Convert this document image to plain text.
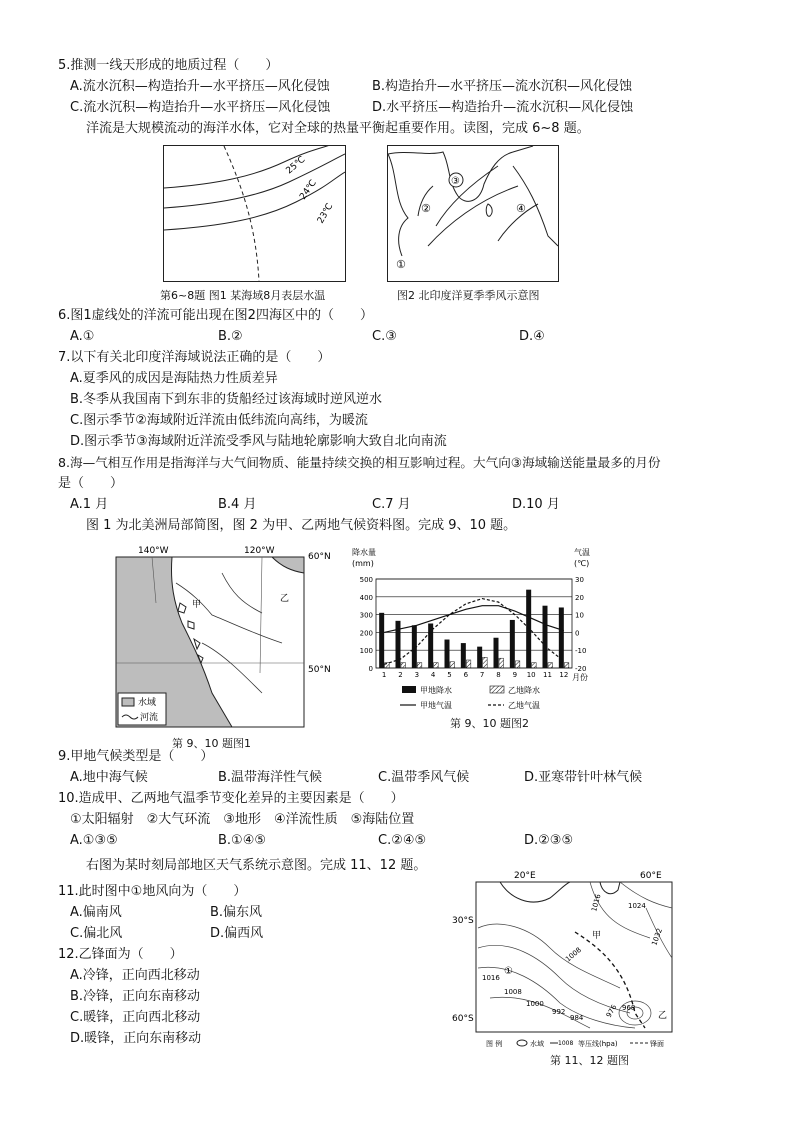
5.推测一线天形成的地质过程（　　）
A.流水沉积—构造抬升—水平挤压—风化侵蚀	B.构造抬升—水平挤压—流水沉积—风化侵蚀
C.流水沉积—构造抬升—水平挤压—风化侵蚀	D.水平挤压—构造抬升—流水沉积—风化侵蚀
洋流是大规模流动的海洋水体，它对全球的热量平衡起重要作用。读图，完成 6~8 题。
25℃
24℃
23℃
第6~8题 图1 某海域8月表层水温
③
②	④
①
图2 北印度洋夏季季风示意图
6.图1虚线处的洋流可能出现在图2四海区中的（　　）
A.①	B.②	C.③	D.④
7.以下有关北印度洋海域说法正确的是（　　）
A.夏季风的成因是海陆热力性质差异
B.冬季从我国南下到东非的货船经过该海域时逆风逆水
C.图示季节②海域附近洋流由低纬流向高纬，为暖流
D.图示季节③海域附近洋流受季风与陆地轮廓影响大致自北向南流
8.海—气相互作用是指海洋与大气间物质、能量持续交换的相互影响过程。大气向③海域输送能量最多的月份
是（　　）
A.1 月	B.4 月	C.7 月	D.10 月
图 1 为北美洲局部简图，图 2 为甲、乙两地气候资料图。完成 9、10 题。
140°W	120°W
60°N
50°N
甲
乙
水域
河流
第 9、10 题图1
降水量
(mm)
气温
(℃)
月份
500
400
300
200
100
0
30
20
10
0
-10
-20
1 2 3 4 5 6 7 8 9 10 11 12
甲地降水	乙地降水
甲地气温	乙地气温
第 9、10 题图2
9.甲地气候类型是（　　）
A.地中海气候	B.温带海洋性气候	C.温带季风气候	D.亚寒带针叶林气候
10.造成甲、乙两地气温季节变化差异的主要因素是（　　）
①太阳辐射　②大气环流　③地形　④洋流性质　⑤海陆位置
A.①③⑤	B.①④⑤	C.②④⑤	D.②③⑤
右图为某时刻局部地区天气系统示意图。完成 11、12 题。
11.此时图中①地风向为（　　）
A.偏南风	B.偏东风
C.偏北风	D.偏西风
12.乙锋面为（　　）
A.冷锋，正向西北移动
B.冷锋，正向东南移动
C.暖锋，正向西北移动
D.暖锋，正向东南移动
20°E	60°E
30°S
60°S
甲
乙
①
1016	1024
1032
1008
1016
1008
1000
992
984	976 968
图 例	水域 1008 等压线(hpa)	锋面
第 11、12 题图
